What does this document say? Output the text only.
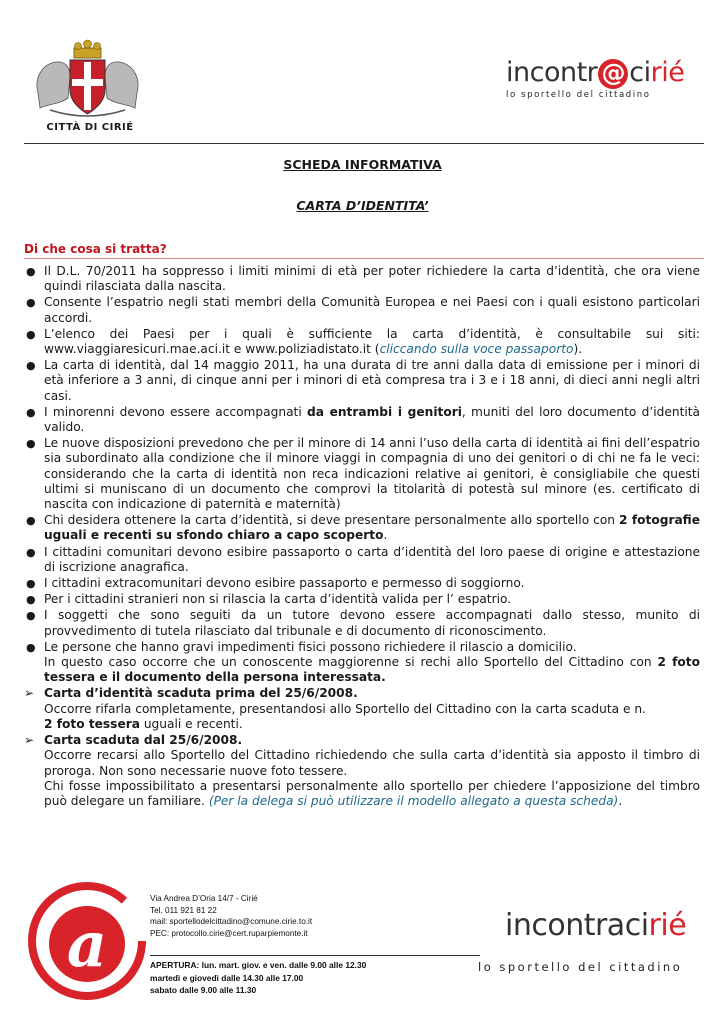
CITTÀ DI CIRIÉ
incontr @ cirié
lo sportello del cittadino
SCHEDA INFORMATIVA
CARTA D’IDENTITA’
Di che cosa si tratta?
● Il D.L. 70/2011 ha soppresso i limiti minimi di età per poter richiedere la carta d’identità, che ora viene quindi rilasciata dalla nascita.
● Consente l’espatrio negli stati membri della Comunità Europea e nei Paesi con i quali esistono particolari accordi.
● L’elenco dei Paesi per i quali è sufficiente la carta d’identità, è consultabile sui siti: www.viaggiaresicuri.mae.aci.it e www.poliziadistato.it (cliccando sulla voce passaporto).
● La carta di identità, dal 14 maggio 2011, ha una durata di tre anni dalla data di emissione per i minori di età inferiore a 3 anni, di cinque anni per i minori di età compresa tra i 3 e i 18 anni, di dieci anni negli altri casi.
● I minorenni devono essere accompagnati da entrambi i genitori, muniti del loro documento d’identità valido.
● Le nuove disposizioni prevedono che per il minore di 14 anni l’uso della carta di identità ai fini dell’espatrio sia subordinato alla condizione che il minore viaggi in compagnia di uno dei genitori o di chi ne fa le veci: considerando che la carta di identità non reca indicazioni relative ai genitori, è consigliabile che questi ultimi si muniscano di un documento che comprovi la titolarità di potestà sul minore (es. certificato di nascita con indicazione di paternità e maternità)
● Chi desidera ottenere la carta d’identità, si deve presentare personalmente allo sportello con 2 fotografie uguali e recenti su sfondo chiaro a capo scoperto.
● I cittadini comunitari devono esibire passaporto o carta d’identità del loro paese di origine e attestazione di iscrizione anagrafica.
● I cittadini extracomunitari devono esibire passaporto e permesso di soggiorno.
● Per i cittadini stranieri non si rilascia la carta d’identità valida per l’ espatrio.
● I soggetti che sono seguiti da un tutore devono essere accompagnati dallo stesso, munito di provvedimento di tutela rilasciato dal tribunale e di documento di riconoscimento.
● Le persone che hanno gravi impedimenti fisici possono richiedere il rilascio a domicilio.
In questo caso occorre che un conoscente maggiorenne si rechi allo Sportello del Cittadino con 2 foto tessera e il documento della persona interessata.
➢ Carta d’identità scaduta prima del 25/6/2008.
Occorre rifarla completamente, presentandosi allo Sportello del Cittadino con la carta scaduta e n.
2 foto tessera uguali e recenti.
➢ Carta scaduta dal 25/6/2008.
Occorre recarsi allo Sportello del Cittadino richiedendo che sulla carta d’identità sia apposto il timbro di proroga. Non sono necessarie nuove foto tessere.
Chi fosse impossibilitato a presentarsi personalmente allo sportello per chiedere l’apposizione del timbro può delegare un familiare. (Per la delega si può utilizzare il modello allegato a questa scheda).
a
Via Andrea D’Oria 14/7 - Cirié
Tel. 011 921 81 22
mail: sportellodelcittadino@comune.cirie.to.it
PEC: protocollo.cirie@cert.ruparpiemonte.it
APERTURA: lun. mart. giov. e ven. dalle 9.00 alle 12.30
martedì e giovedì dalle 14.30 alle 17.00
sabato dalle 9.00 alle 11.30
incontracirié
lo sportello del cittadino
